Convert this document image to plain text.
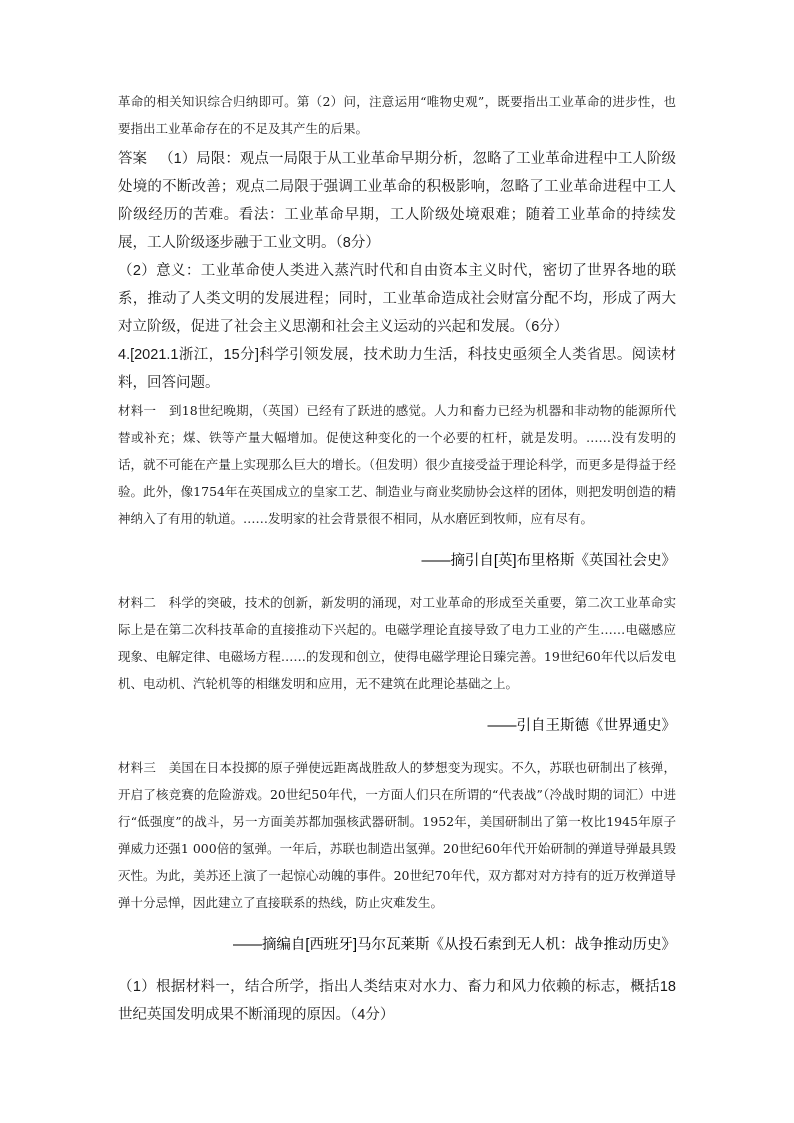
革命的相关知识综合归纳即可。第（2）问，注意运用“唯物史观”，既要指出工业革命的进步性，也要指出工业革命存在的不足及其产生的后果。

答案 （1）局限：观点一局限于从工业革命早期分析，忽略了工业革命进程中工人阶级处境的不断改善；观点二局限于强调工业革命的积极影响，忽略了工业革命进程中工人阶级经历的苦难。看法：工业革命早期，工人阶级处境艰难；随着工业革命的持续发展，工人阶级逐步融于工业文明。（8分）

（2）意义：工业革命使人类进入蒸汽时代和自由资本主义时代，密切了世界各地的联系，推动了人类文明的发展进程；同时，工业革命造成社会财富分配不均，形成了两大对立阶级，促进了社会主义思潮和社会主义运动的兴起和发展。（6分）

4.[2021.1浙江，15分]科学引领发展，技术助力生活，科技史亟须全人类省思。阅读材料，回答问题。

材料一　到18世纪晚期，（英国）已经有了跃进的感觉。人力和畜力已经为机器和非动物的能源所代替或补充；煤、铁等产量大幅增加。促使这种变化的一个必要的杠杆，就是发明。……没有发明的话，就不可能在产量上实现那么巨大的增长。（但发明）很少直接受益于理论科学，而更多是得益于经验。此外，像1754年在英国成立的皇家工艺、制造业与商业奖励协会这样的团体，则把发明创造的精神纳入了有用的轨道。……发明家的社会背景很不相同，从水磨匠到牧师，应有尽有。

——摘引自[英]布里格斯《英国社会史》

材料二　科学的突破，技术的创新，新发明的涌现，对工业革命的形成至关重要，第二次工业革命实际上是在第二次科技革命的直接推动下兴起的。电磁学理论直接导致了电力工业的产生……电磁感应现象、电解定律、电磁场方程……的发现和创立，使得电磁学理论日臻完善。19世纪60年代以后发电机、电动机、汽轮机等的相继发明和应用，无不建筑在此理论基础之上。

——引自王斯德《世界通史》

材料三　美国在日本投掷的原子弹使远距离战胜敌人的梦想变为现实。不久，苏联也研制出了核弹，开启了核竞赛的危险游戏。20世纪50年代，一方面人们只在所谓的“代表战”（冷战时期的词汇）中进行“低强度”的战斗，另一方面美苏都加强核武器研制。1952年，美国研制出了第一枚比1945年原子弹威力还强1 000倍的氢弹。一年后，苏联也制造出氢弹。20世纪60年代开始研制的弹道导弹最具毁灭性。为此，美苏还上演了一起惊心动魄的事件。20世纪70年代，双方都对对方持有的近万枚弹道导弹十分忌惮，因此建立了直接联系的热线，防止灾难发生。

——摘编自[西班牙]马尔瓦莱斯《从投石索到无人机：战争推动历史》

（1）根据材料一，结合所学，指出人类结束对水力、畜力和风力依赖的标志，概括18世纪英国发明成果不断涌现的原因。（4分）
